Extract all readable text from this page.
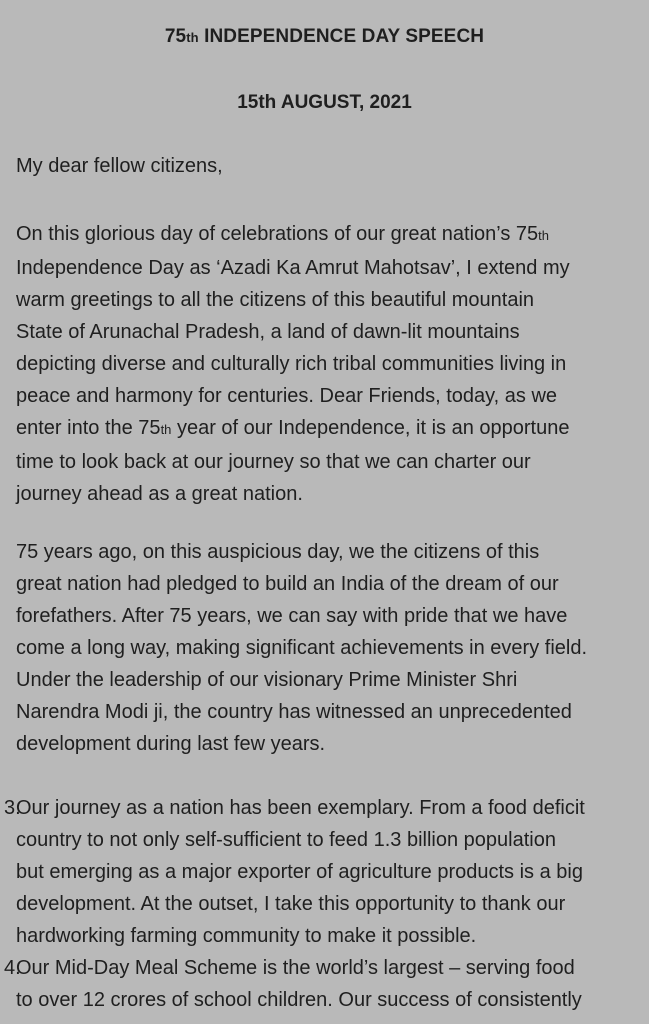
75th INDEPENDENCE DAY SPEECH
15th AUGUST, 2021
My dear fellow citizens,
On this glorious day of celebrations of our great nation’s 75th
Independence Day as ‘Azadi Ka Amrut Mahotsav’, I extend my
warm greetings to all the citizens of this beautiful mountain
State of Arunachal Pradesh, a land of dawn-lit mountains
depicting diverse and culturally rich tribal communities living in
peace and harmony for centuries. Dear Friends, today, as we
enter into the 75th year of our Independence, it is an opportune
time to look back at our journey so that we can charter our
journey ahead as a great nation.
75 years ago, on this auspicious day, we the citizens of this
great nation had pledged to build an India of the dream of our
forefathers. After 75 years, we can say with pride that we have
come a long way, making significant achievements in every field.
Under the leadership of our visionary Prime Minister Shri
Narendra Modi ji, the country has witnessed an unprecedented
development during last few years.
3.
Our journey as a nation has been exemplary. From a food deficit
country to not only self-sufficient to feed 1.3 billion population
but emerging as a major exporter of agriculture products is a big
development. At the outset, I take this opportunity to thank our
hardworking farming community to make it possible.
4.
Our Mid-Day Meal Scheme is the world’s largest – serving food
to over 12 crores of school children. Our success of consistently
